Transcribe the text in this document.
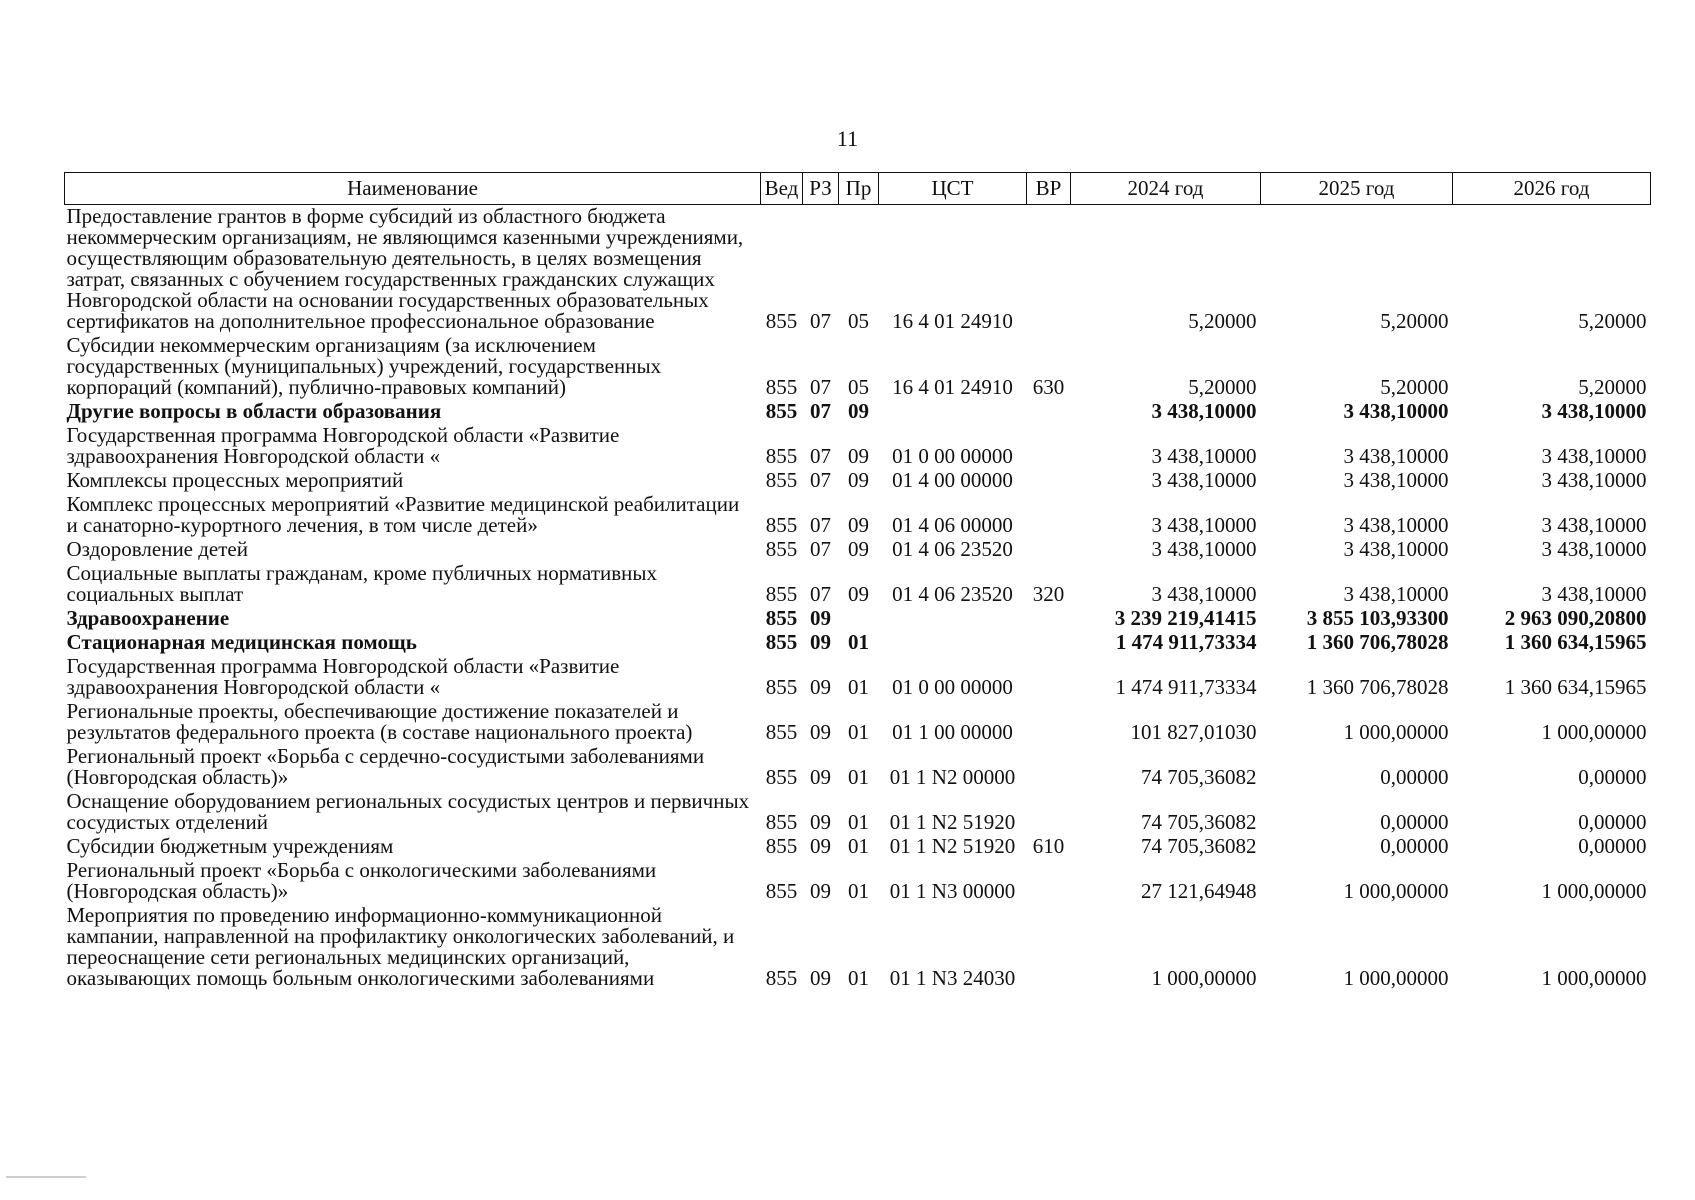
11
Наименование	Вед	РЗ	Пр	ЦСТ	ВР	2024 год	2025 год	2026 год
Предоставление грантов в форме субсидий из областного бюджета некоммерческим организациям, не являющимся казенными учреждениями, осуществляющим образовательную деятельность, в целях возмещения затрат, связанных с обучением государственных гражданских служащих Новгородской области на основании государственных образовательных сертификатов на дополнительное профессиональное образование	855	07	05	16 4 01 24910		5,20000	5,20000	5,20000
Субсидии некоммерческим организациям (за исключением государственных (муниципальных) учреждений, государственных корпораций (компаний), публично-правовых компаний)	855	07	05	16 4 01 24910	630	5,20000	5,20000	5,20000
Другие вопросы в области образования	855	07	09			3 438,10000	3 438,10000	3 438,10000
Государственная программа Новгородской области «Развитие здравоохранения Новгородской области «	855	07	09	01 0 00 00000		3 438,10000	3 438,10000	3 438,10000
Комплексы процессных мероприятий	855	07	09	01 4 00 00000		3 438,10000	3 438,10000	3 438,10000
Комплекс процессных мероприятий «Развитие медицинской реабилитации и санаторно-курортного лечения, в том числе детей»	855	07	09	01 4 06 00000		3 438,10000	3 438,10000	3 438,10000
Оздоровление детей	855	07	09	01 4 06 23520		3 438,10000	3 438,10000	3 438,10000
Социальные выплаты гражданам, кроме публичных нормативных социальных выплат	855	07	09	01 4 06 23520	320	3 438,10000	3 438,10000	3 438,10000
Здравоохранение	855	09				3 239 219,41415	3 855 103,93300	2 963 090,20800
Стационарная медицинская помощь	855	09	01			1 474 911,73334	1 360 706,78028	1 360 634,15965
Государственная программа Новгородской области «Развитие здравоохранения Новгородской области «	855	09	01	01 0 00 00000		1 474 911,73334	1 360 706,78028	1 360 634,15965
Региональные проекты, обеспечивающие достижение показателей и результатов федерального проекта (в составе национального проекта)	855	09	01	01 1 00 00000		101 827,01030	1 000,00000	1 000,00000
Региональный проект «Борьба с сердечно-сосудистыми заболеваниями (Новгородская область)»	855	09	01	01 1 N2 00000		74 705,36082	0,00000	0,00000
Оснащение оборудованием региональных сосудистых центров и первичных сосудистых отделений	855	09	01	01 1 N2 51920		74 705,36082	0,00000	0,00000
Субсидии бюджетным учреждениям	855	09	01	01 1 N2 51920	610	74 705,36082	0,00000	0,00000
Региональный проект «Борьба с онкологическими заболеваниями (Новгородская область)»	855	09	01	01 1 N3 00000		27 121,64948	1 000,00000	1 000,00000
Мероприятия по проведению информационно-коммуникационной кампании, направленной на профилактику онкологических заболеваний, и переоснащение сети региональных медицинских организаций, оказывающих помощь больным онкологическими заболеваниями	855	09	01	01 1 N3 24030		1 000,00000	1 000,00000	1 000,00000
